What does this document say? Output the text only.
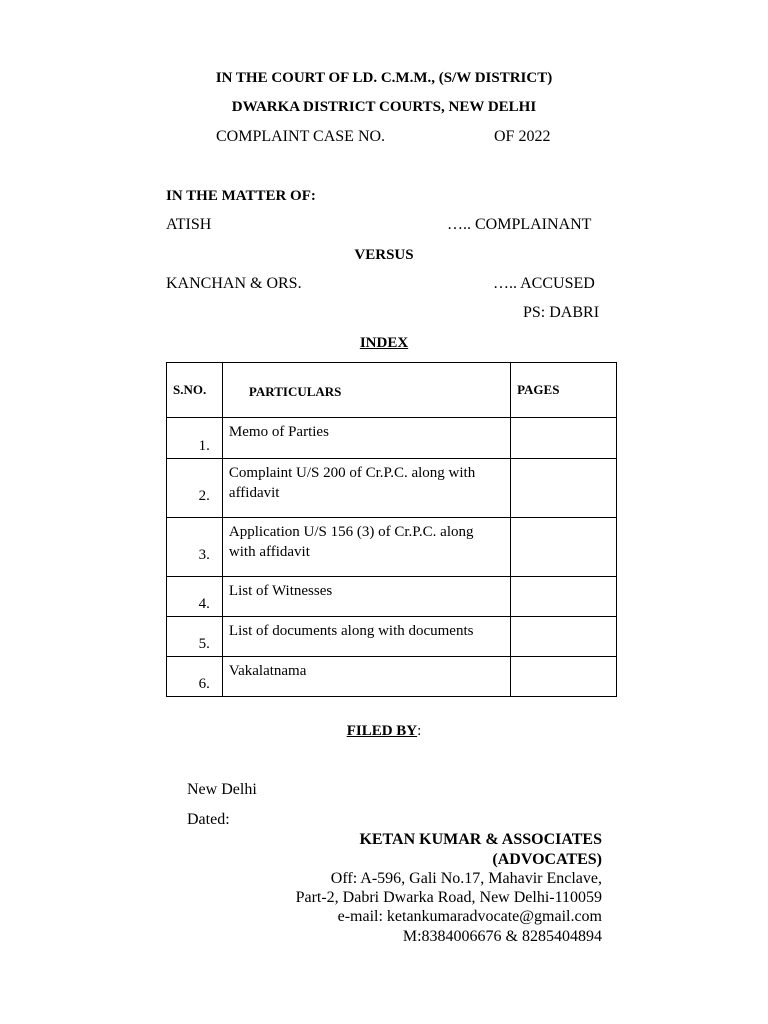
IN THE COURT OF LD. C.M.M., (S/W DISTRICT)
DWARKA DISTRICT COURTS, NEW DELHI
COMPLAINT CASE NO.	OF 2022
IN THE MATTER OF:
ATISH	….. COMPLAINANT
VERSUS
KANCHAN & ORS.	….. ACCUSED
PS: DABRI
INDEX
S.NO.	PARTICULARS	PAGES
1.	Memo of Parties	

2.	Complaint U/S 200 of Cr.P.C. along with
affidavit	

3.	Application U/S 156 (3) of Cr.P.C. along
with affidavit	

4.	List of Witnesses	

5.	List of documents along with documents	

6.	Vakalatnama	

FILED BY:
New Delhi
Dated:
KETAN KUMAR & ASSOCIATES
(ADVOCATES)
Off: A-596, Gali No.17, Mahavir Enclave,
Part-2, Dabri Dwarka Road, New Delhi-110059
e-mail: ketankumaradvocate@gmail.com
M:8384006676 & 8285404894
